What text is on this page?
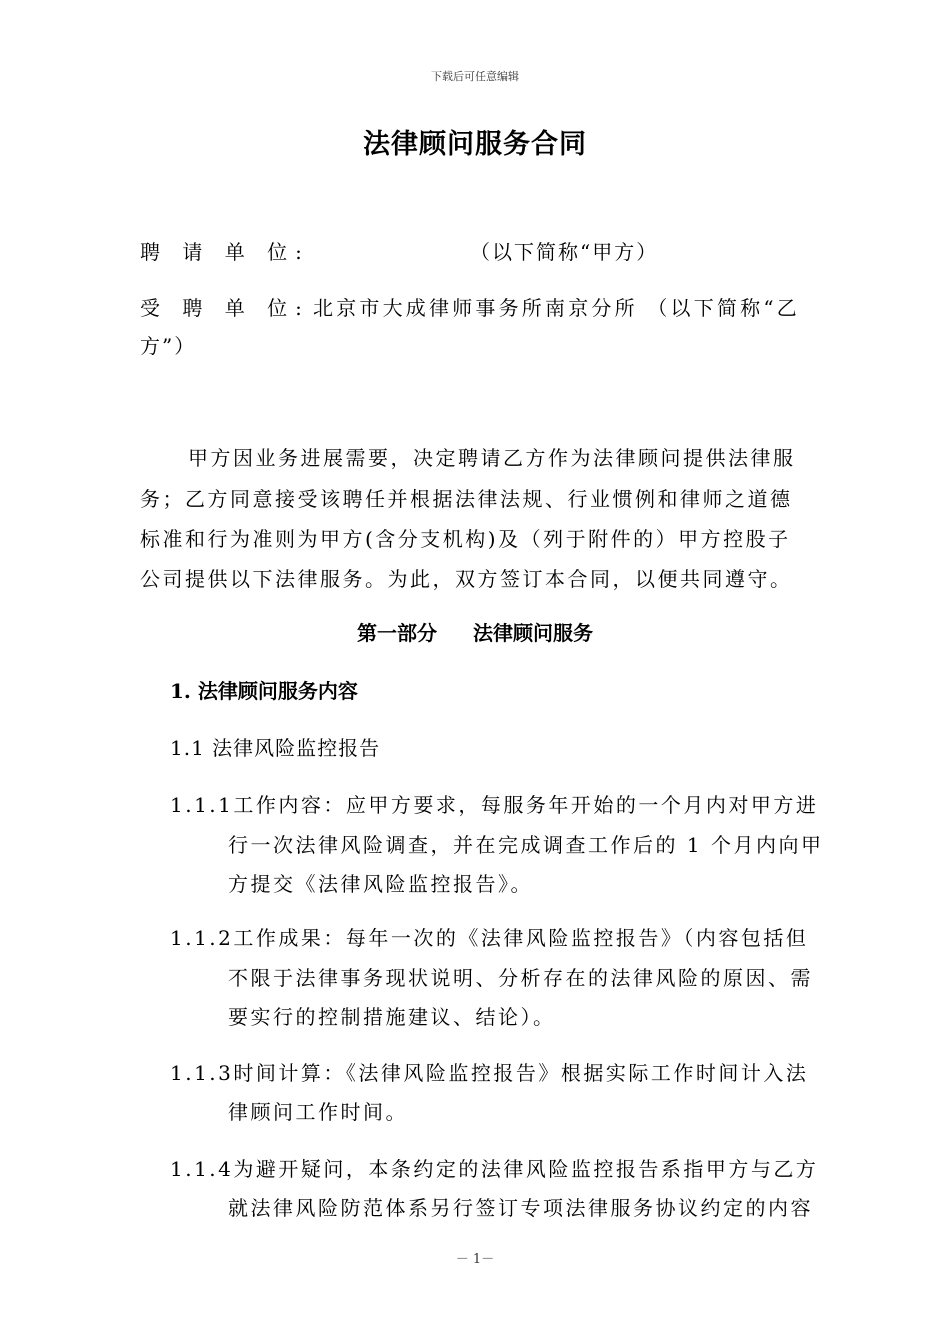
下载后可任意编辑
法律顾问服务合同
聘 请 单 位:	（以下简称“甲方）
受 聘 单 位: 北京市大成律师事务所南京分所 （以下简称“乙
方”）
甲方因业务进展需要，决定聘请乙方作为法律顾问提供法律服
务；乙方同意接受该聘任并根据法律法规、行业惯例和律师之道德
标准和行为准则为甲方(含分支机构)及（列于附件的）甲方控股子
公司提供以下法律服务。为此，双方签订本合同，以便共同遵守。
第一部分 法律顾问服务
1. 法律顾问服务内容
1.1 法律风险监控报告
1.1.1工作内容：应甲方要求，每服务年开始的一个月内对甲方进
行一次法律风险调查，并在完成调查工作后的 1 个月内向甲
方提交《法律风险监控报告》。
1.1.2工作成果：每年一次的《法律风险监控报告》（内容包括但
不限于法律事务现状说明、分析存在的法律风险的原因、需
要实行的控制措施建议、结论）。
1.1.3时间计算：《法律风险监控报告》根据实际工作时间计入法
律顾问工作时间。
1.1.4为避开疑问，本条约定的法律风险监控报告系指甲方与乙方
就法律风险防范体系另行签订专项法律服务协议约定的内容
－ 1－
